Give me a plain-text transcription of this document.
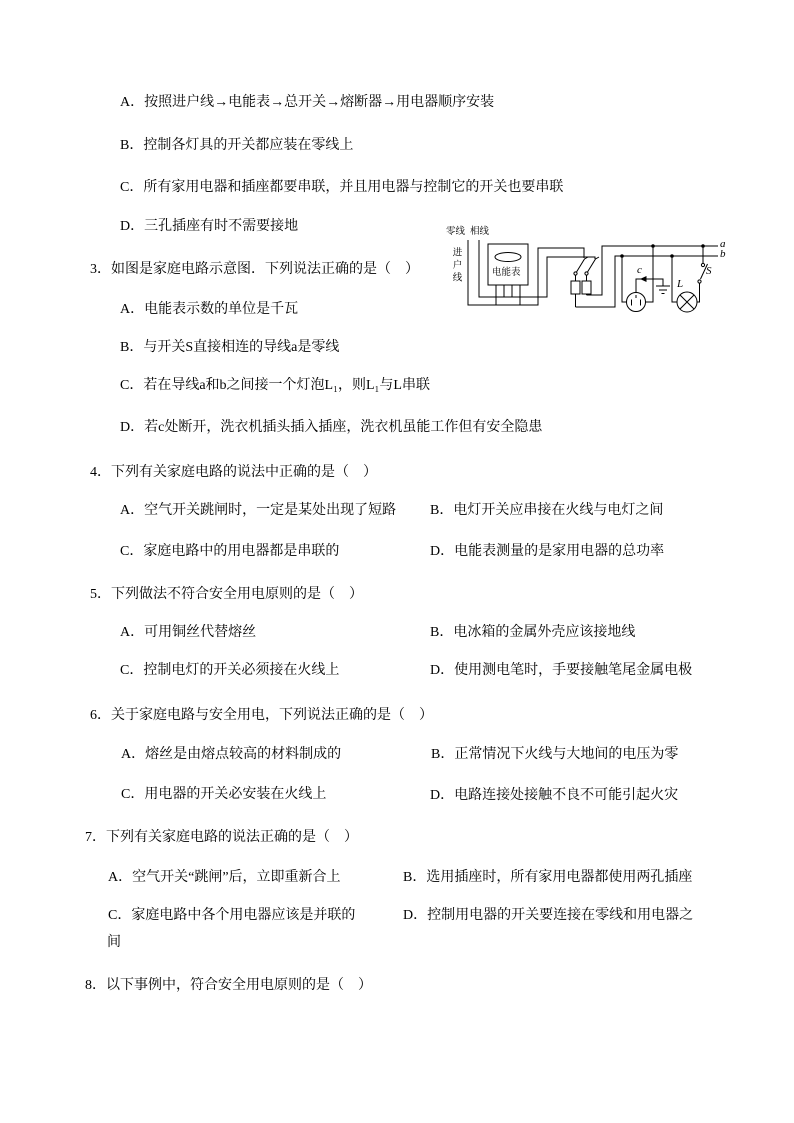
A．按照进户线→电能表→总开关→熔断器→用电器顺序安装
B．控制各灯具的开关都应装在零线上
C．所有家用电器和插座都要串联，并且用电器与控制它的开关也要串联
D．三孔插座有时不需要接地
3．如图是家庭电路示意图．下列说法正确的是（　）
A．电能表示数的单位是千瓦
B．与开关S直接相连的导线a是零线
C．若在导线a和b之间接一个灯泡L₁，则L₁与L串联
D．若c处断开，洗衣机插头插入插座，洗衣机虽能工作但有安全隐患
4．下列有关家庭电路的说法中正确的是（　）
A．空气开关跳闸时，一定是某处出现了短路 B．电灯开关应串接在火线与电灯之间
C．家庭电路中的用电器都是串联的	D．电能表测量的是家用电器的总功率
5．下列做法不符合安全用电原则的是（　）
A．可用铜丝代替熔丝	B．电冰箱的金属外壳应该接地线
C．控制电灯的开关必须接在火线上	D．使用测电笔时，手要接触笔尾金属电极
6．关于家庭电路与安全用电，下列说法正确的是（　）
A．熔丝是由熔点较高的材料制成的	B．正常情况下火线与大地间的电压为零
C．用电器的开关必安装在火线上	D．电路连接处接触不良不可能引起火灾
7．下列有关家庭电路的说法正确的是（　）
A．空气开关“跳闸”后，立即重新合上	B．选用插座时，所有家用电器都使用两孔插座
C．家庭电路中各个用电器应该是并联的	D．控制用电器的开关要连接在零线和用电器之
间
8．以下事例中，符合安全用电原则的是（　）
零线 相线
进户线	电能表	c
L
S
a
b
